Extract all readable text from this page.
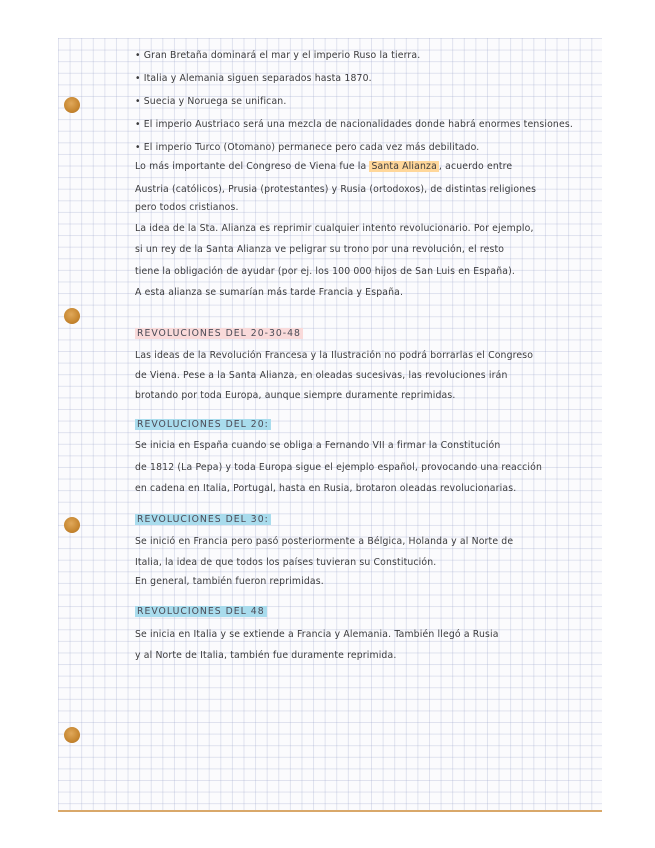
• Gran Bretaña dominará el mar y el imperio Ruso la tierra.
• Italia y Alemania siguen separados hasta 1870.
• Suecia y Noruega se unifican.
• El imperio Austriaco será una mezcla de nacionalidades donde habrá enormes tensiones.
• El imperio Turco (Otomano) permanece pero cada vez más debilitado.
Lo más importante del Congreso de Viena fue la Santa Alianza , acuerdo entre
Austria (católicos), Prusia (protestantes) y Rusia (ortodoxos), de distintas religiones
pero todos cristianos.
La idea de la Sta. Alianza es reprimir cualquier intento revolucionario. Por ejemplo,
si un rey de la Santa Alianza ve peligrar su trono por una revolución, el resto
tiene la obligación de ayudar (por ej. los 100 000 hijos de San Luis en España).
A esta alianza se sumarían más tarde Francia y España.
REVOLUCIONES DEL 20-30-48
Las ideas de la Revolución Francesa y la Ilustración no podrá borrarlas el Congreso
de Viena. Pese a la Santa Alianza, en oleadas sucesivas, las revoluciones irán
brotando por toda Europa, aunque siempre duramente reprimidas.
REVOLUCIONES DEL 20:
Se inicia en España cuando se obliga a Fernando VII a firmar la Constitución
de 1812 (La Pepa) y toda Europa sigue el ejemplo español, provocando una reacción
en cadena en Italia, Portugal, hasta en Rusia, brotaron oleadas revolucionarias.
REVOLUCIONES DEL 30:
Se inició en Francia pero pasó posteriormente a Bélgica, Holanda y al Norte de
Italia, la idea de que todos los países tuvieran su Constitución.
En general, también fueron reprimidas.
REVOLUCIONES DEL 48
Se inicia en Italia y se extiende a Francia y Alemania. También llegó a Rusia
y al Norte de Italia, también fue duramente reprimida.
